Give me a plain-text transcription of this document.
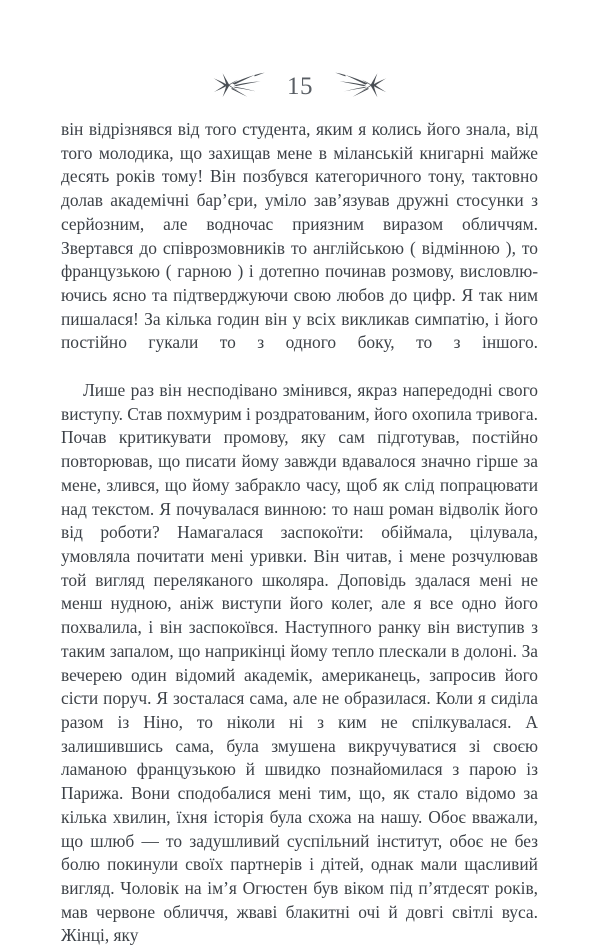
15

він відрізнявся від того студента, яким я колись його знала, від того молодика, що захищав мене в міланській книгарні майже десять років тому! Він позбувся категоричного тону, тактовно долав академічні бар’єри, уміло зав’язував дружні стосунки з серйозним, але водночас приязним виразом обличчям. Звертався до співрозмовників то англійською ( відмінною ), то французькою ( гарною ) і дотепно починав розмову, висловлюючись ясно та підтверджуючи свою любов до цифр. Я так ним пишалася! За кілька годин він у всіх викликав симпатію, і його постійно гукали то з одного боку, то з іншого.

Лише раз він несподівано змінився, якраз напередодні свого виступу. Став похмурим і роздратованим, його охопила тривога. Почав критикувати промову, яку сам підготував, постійно повторював, що писати йому завжди вдавалося значно гірше за мене, злився, що йому забракло часу, щоб як слід попрацювати над текстом. Я почувалася винною: то наш роман відволік його від роботи? Намагалася заспокоїти: обіймала, цілувала, умовляла почитати мені уривки. Він читав, і мене розчулював той вигляд переляканого школяра. Доповідь здалася мені не менш нудною, аніж виступи його колег, але я все одно його похвалила, і він заспокоївся. Наступного ранку він виступив з таким запалом, що наприкінці йому тепло плескали в долоні. За вечерею один відомий академік, американець, запросив його сісти поруч. Я зосталася сама, але не образилася. Коли я сиділа разом із Ніно, то ніколи ні з ким не спілкувалася. А залишившись сама, була змушена викручуватися зі своєю ламаною французькою й швидко познайомилася з парою із Парижа. Вони сподобалися мені тим, що, як стало відомо за кілька хвилин, їхня історія була схожа на нашу. Обоє вважали, що шлюб — то задушливий суспільний інститут, обоє не без болю покинули своїх партнерів і дітей, однак мали щасливий вигляд. Чоловік на ім’я Огюстен був віком під п’ятдесят років, мав червоне обличчя, жваві блакитні очі й довгі світлі вуса. Жінці, яку
